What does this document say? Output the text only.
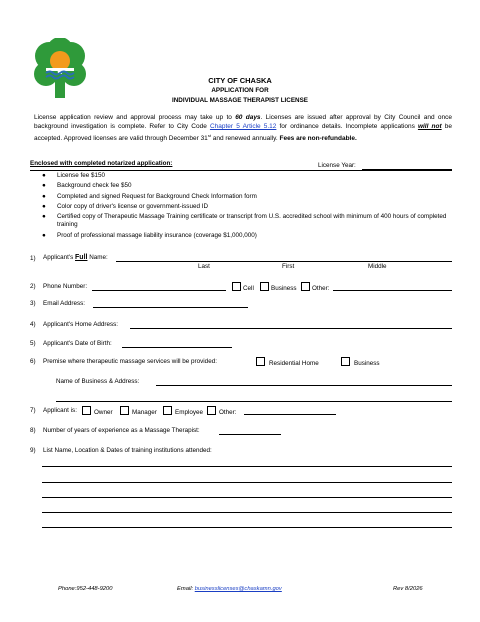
CITY OF CHASKA
APPLICATION FOR
INDIVIDUAL MASSAGE THERAPIST LICENSE
License application review and approval process may take up to 60 days. Licenses are issued after approval by City Council and once background investigation is complete. Refer to City Code Chapter 5 Article 5.12 for ordinance details. Incomplete applications will not be accepted. Approved licenses are valid through December 31st and renewed annually. Fees are non-refundable.
Enclosed with completed notarized application:	License Year:
● License fee $150
● Background check fee $50
● Completed and signed Request for Background Check Information form
● Color copy of driver's license or government-issued ID
● Certified copy of Therapeutic Massage Training certificate or transcript from U.S. accredited school with minimum of 400 hours of completed training
● Proof of professional massage liability insurance (coverage $1,000,000)
1) Applicant's Full Name:
Last	First	Middle
2) Phone Number:	Cell	Business	Other:
3) Email Address:
4) Applicant's Home Address:
5) Applicant's Date of Birth:
6) Premise where therapeutic massage services will be provided:	Residential Home	Business
Name of Business & Address:
7) Applicant is:	Owner	Manager	Employee	Other:
8) Number of years of experience as a Massage Therapist:
9) List Name, Location & Dates of training institutions attended:
Phone:952-448-9200	Email: businesslicenses@chaskamn.gov	Rev 8/2026
